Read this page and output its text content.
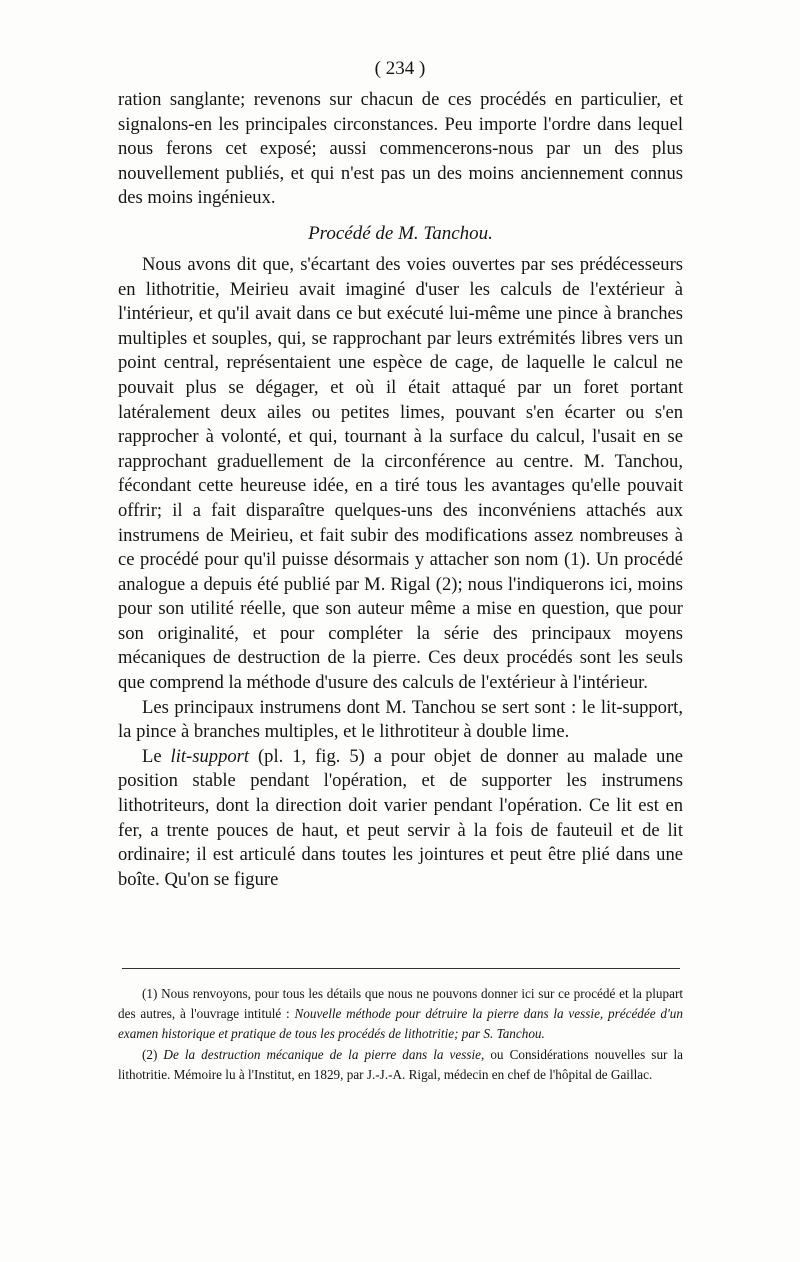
( 234 )

ration sanglante; revenons sur chacun de ces procédés en particulier, et signalons-en les principales circonstances. Peu importe l'ordre dans lequel nous ferons cet exposé; aussi commencerons-nous par un des plus nouvellement publiés, et qui n'est pas un des moins anciennement connus des moins ingénieux.

Procédé de M. Tanchou.

Nous avons dit que, s'écartant des voies ouvertes par ses prédécesseurs en lithotritie, Meirieu avait imaginé d'user les calculs de l'extérieur à l'intérieur, et qu'il avait dans ce but exécuté lui-même une pince à branches multiples et souples, qui, se rapprochant par leurs extrémités libres vers un point central, représentaient une espèce de cage, de laquelle le calcul ne pouvait plus se dégager, et où il était attaqué par un foret portant latéralement deux ailes ou petites limes, pouvant s'en écarter ou s'en rapprocher à volonté, et qui, tournant à la surface du calcul, l'usait en se rapprochant graduellement de la circonférence au centre. M. Tanchou, fécondant cette heureuse idée, en a tiré tous les avantages qu'elle pouvait offrir; il a fait disparaître quelques-uns des inconvéniens attachés aux instrumens de Meirieu, et fait subir des modifications assez nombreuses à ce procédé pour qu'il puisse désormais y attacher son nom (1). Un procédé analogue a depuis été publié par M. Rigal (2); nous l'indiquerons ici, moins pour son utilité réelle, que son auteur même a mise en question, que pour son originalité, et pour compléter la série des principaux moyens mécaniques de destruction de la pierre. Ces deux procédés sont les seuls que comprend la méthode d'usure des calculs de l'extérieur à l'intérieur.

Les principaux instrumens dont M. Tanchou se sert sont : le lit-support, la pince à branches multiples, et le lithrotiteur à double lime.

Le lit-support (pl. 1, fig. 5) a pour objet de donner au malade une position stable pendant l'opération, et de supporter les instrumens lithotriteurs, dont la direction doit varier pendant l'opération. Ce lit est en fer, a trente pouces de haut, et peut servir à la fois de fauteuil et de lit ordinaire; il est articulé dans toutes les jointures et peut être plié dans une boîte. Qu'on se figure

(1) Nous renvoyons, pour tous les détails que nous ne pouvons donner ici sur ce procédé et la plupart des autres, à l'ouvrage intitulé : Nouvelle méthode pour détruire la pierre dans la vessie, précédée d'un examen historique et pratique de tous les procédés de lithotritie; par S. Tanchou.

(2) De la destruction mécanique de la pierre dans la vessie, ou Considérations nouvelles sur la lithotritie. Mémoire lu à l'Institut, en 1829, par J.-J.-A. Rigal, médecin en chef de l'hôpital de Gaillac.
